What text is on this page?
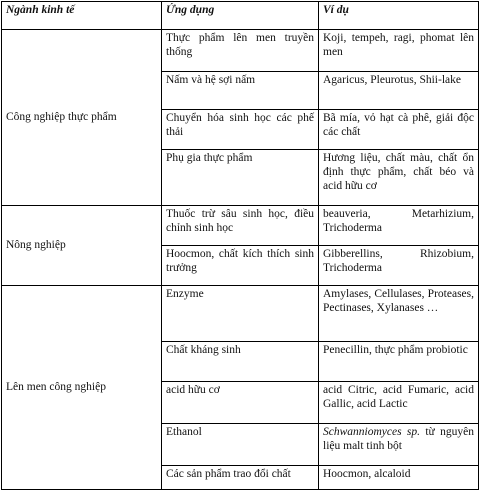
Ngành kinh tế	Ứng dụng	Ví dụ
Công nghiệp thực phẩm	Thực phẩm lên men truyền thống	Koji, tempeh, ragi, phomat lên men
	Nấm và hệ sợi nấm	Agaricus, Pleurotus, Shii-lake
	Chuyển hóa sinh học các phế thải	Bã mía, vỏ hạt cà phê, giải độc các chất
	Phụ gia thực phẩm	Hương liệu, chất màu, chất ổn định thực phẩm, chất béo và acid hữu cơ
Nông nghiệp	Thuốc trừ sâu sinh học, điều chỉnh sinh học	beauveria, Metarhizium, Trichoderma
	Hoocmon, chất kích thích sinh trưởng	Gibberellins, Rhizobium, Trichoderma
Lên men công nghiệp	Enzyme	Amylases, Cellulases, Proteases, Pectinases, Xylanases …
	Chất kháng sinh	Penecillin, thực phẩm probiotic
	acid hữu cơ	acid Citric, acid Fumaric, acid Gallic, acid Lactic
	Ethanol	Schwanniomyces sp. từ nguyên liệu malt tinh bột
	Các sản phẩm trao đổi chất	Hoocmon, alcaloid
